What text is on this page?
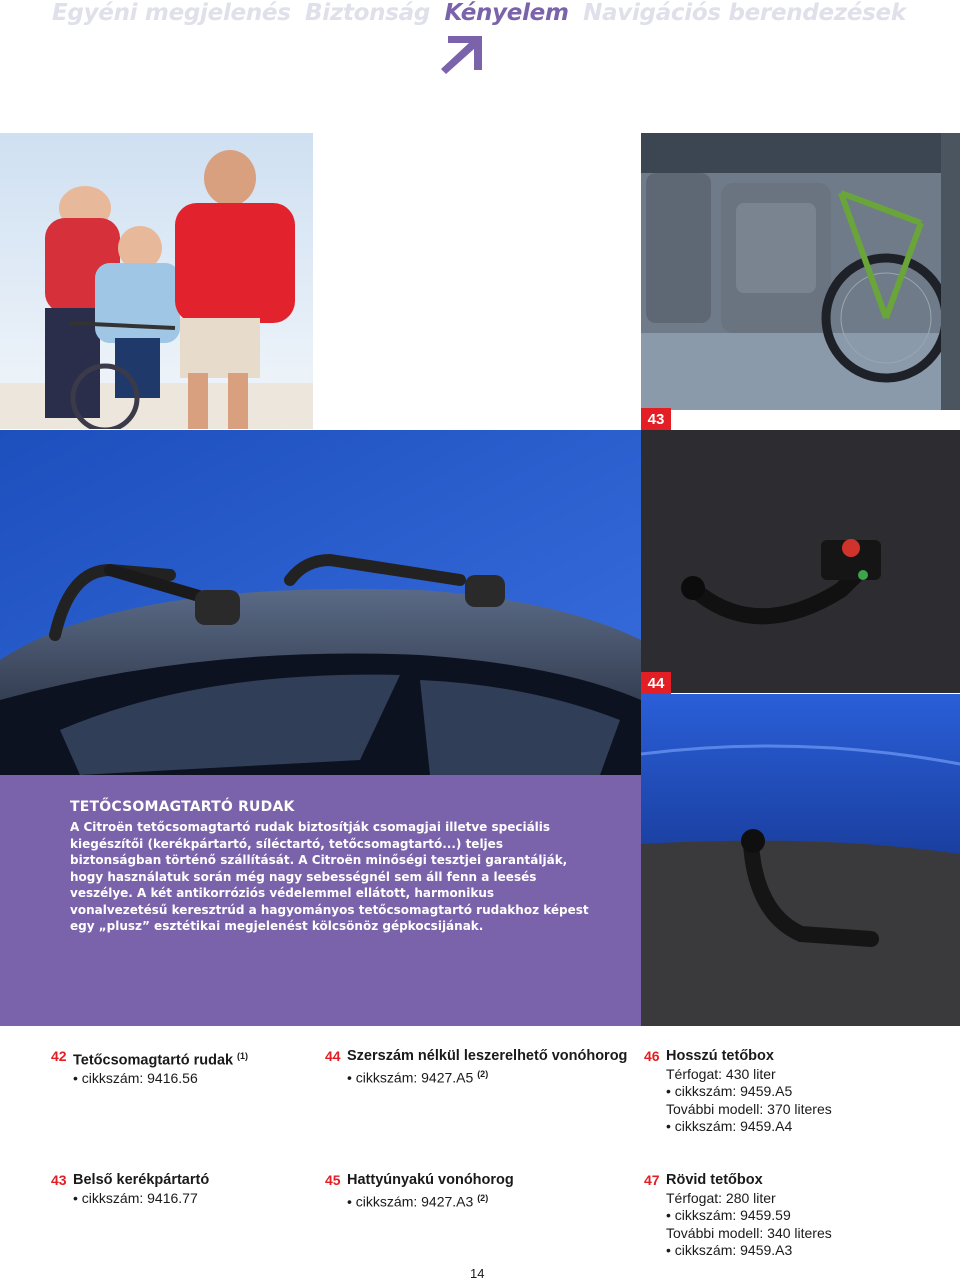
Egyéni megjelenés Biztonság Kényelem Navigációs berendezések
43
44
TETŐCSOMAGTARTÓ RUDAK
A Citroën tetőcsomagtartó rudak biztosítják csomagjai illetve speciális kiegészítői (kerékpártartó, síléctartó, tetőcsomagtartó...) teljes biztonságban történő szállítását. A Citroën minőségi tesztjei garantálják, hogy használatuk során még nagy sebességnél sem áll fenn a leesés veszélye. A két antikorróziós védelemmel ellátott, harmonikus vonalvezetésű keresztrúd a hagyományos tetőcsomagtartó rudakhoz képest egy „plusz” esztétikai megjelenést kölcsönöz gépkocsijának.
42 Tetőcsomagtartó rudak $^{(1)}$
• cikkszám: 9416.56
44 Szerszám nélkül leszerelhető vonóhorog
• cikkszám: 9427.A5 $^{(2)}$
46 Hosszú tetőbox
Térfogat: 430 liter
• cikkszám: 9459.A5
További modell: 370 literes
• cikkszám: 9459.A4
43 Belső kerékpártartó
• cikkszám: 9416.77
45 Hattyúnyakú vonóhorog
• cikkszám: 9427.A3 $^{(2)}$
47 Rövid tetőbox
Térfogat: 280 liter
• cikkszám: 9459.59
További modell: 340 literes
• cikkszám: 9459.A3
14
